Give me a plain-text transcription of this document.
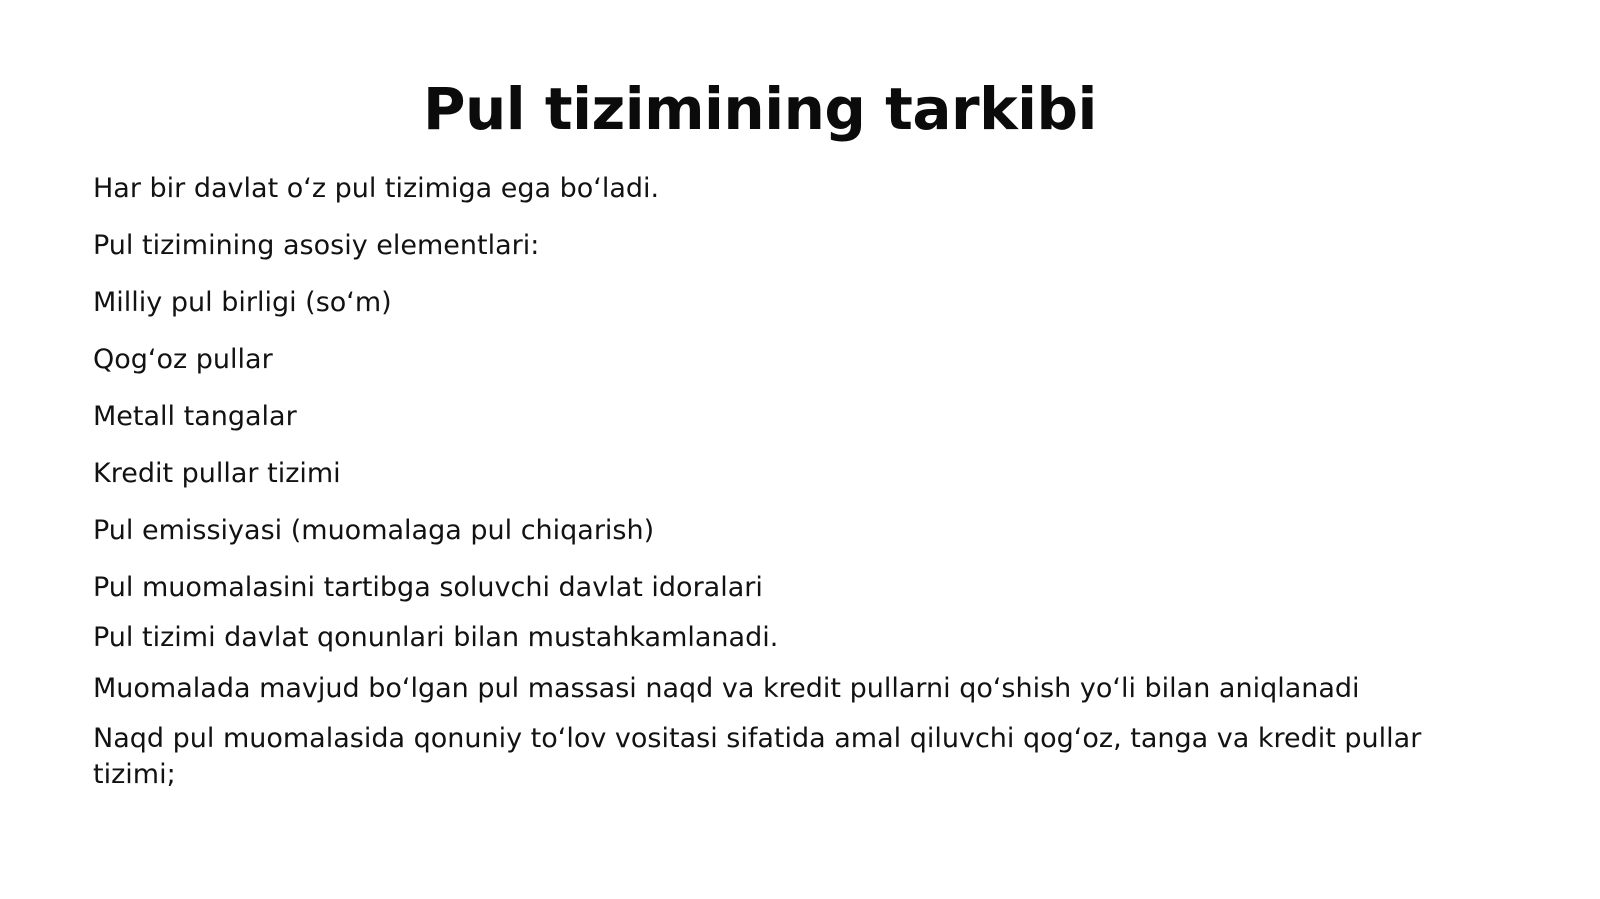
Pul tizimining tarkibi
Har bir davlat o‘z pul tizimiga ega bo‘ladi.
Pul tizimining asosiy elementlari:
Milliy pul birligi (so‘m)
Qog‘oz pullar
Metall tangalar
Kredit pullar tizimi
Pul emissiyasi (muomalaga pul chiqarish)
Pul muomalasini tartibga soluvchi davlat idoralari
Pul tizimi davlat qonunlari bilan mustahkamlanadi.
Muomalada mavjud bo‘lgan pul massasi naqd va kredit pullarni qo‘shish yo‘li bilan aniqlanadi
Naqd pul muomalasida qonuniy to‘lov vositasi sifatida amal qiluvchi qog‘oz, tanga va kredit pullar tizimi;
